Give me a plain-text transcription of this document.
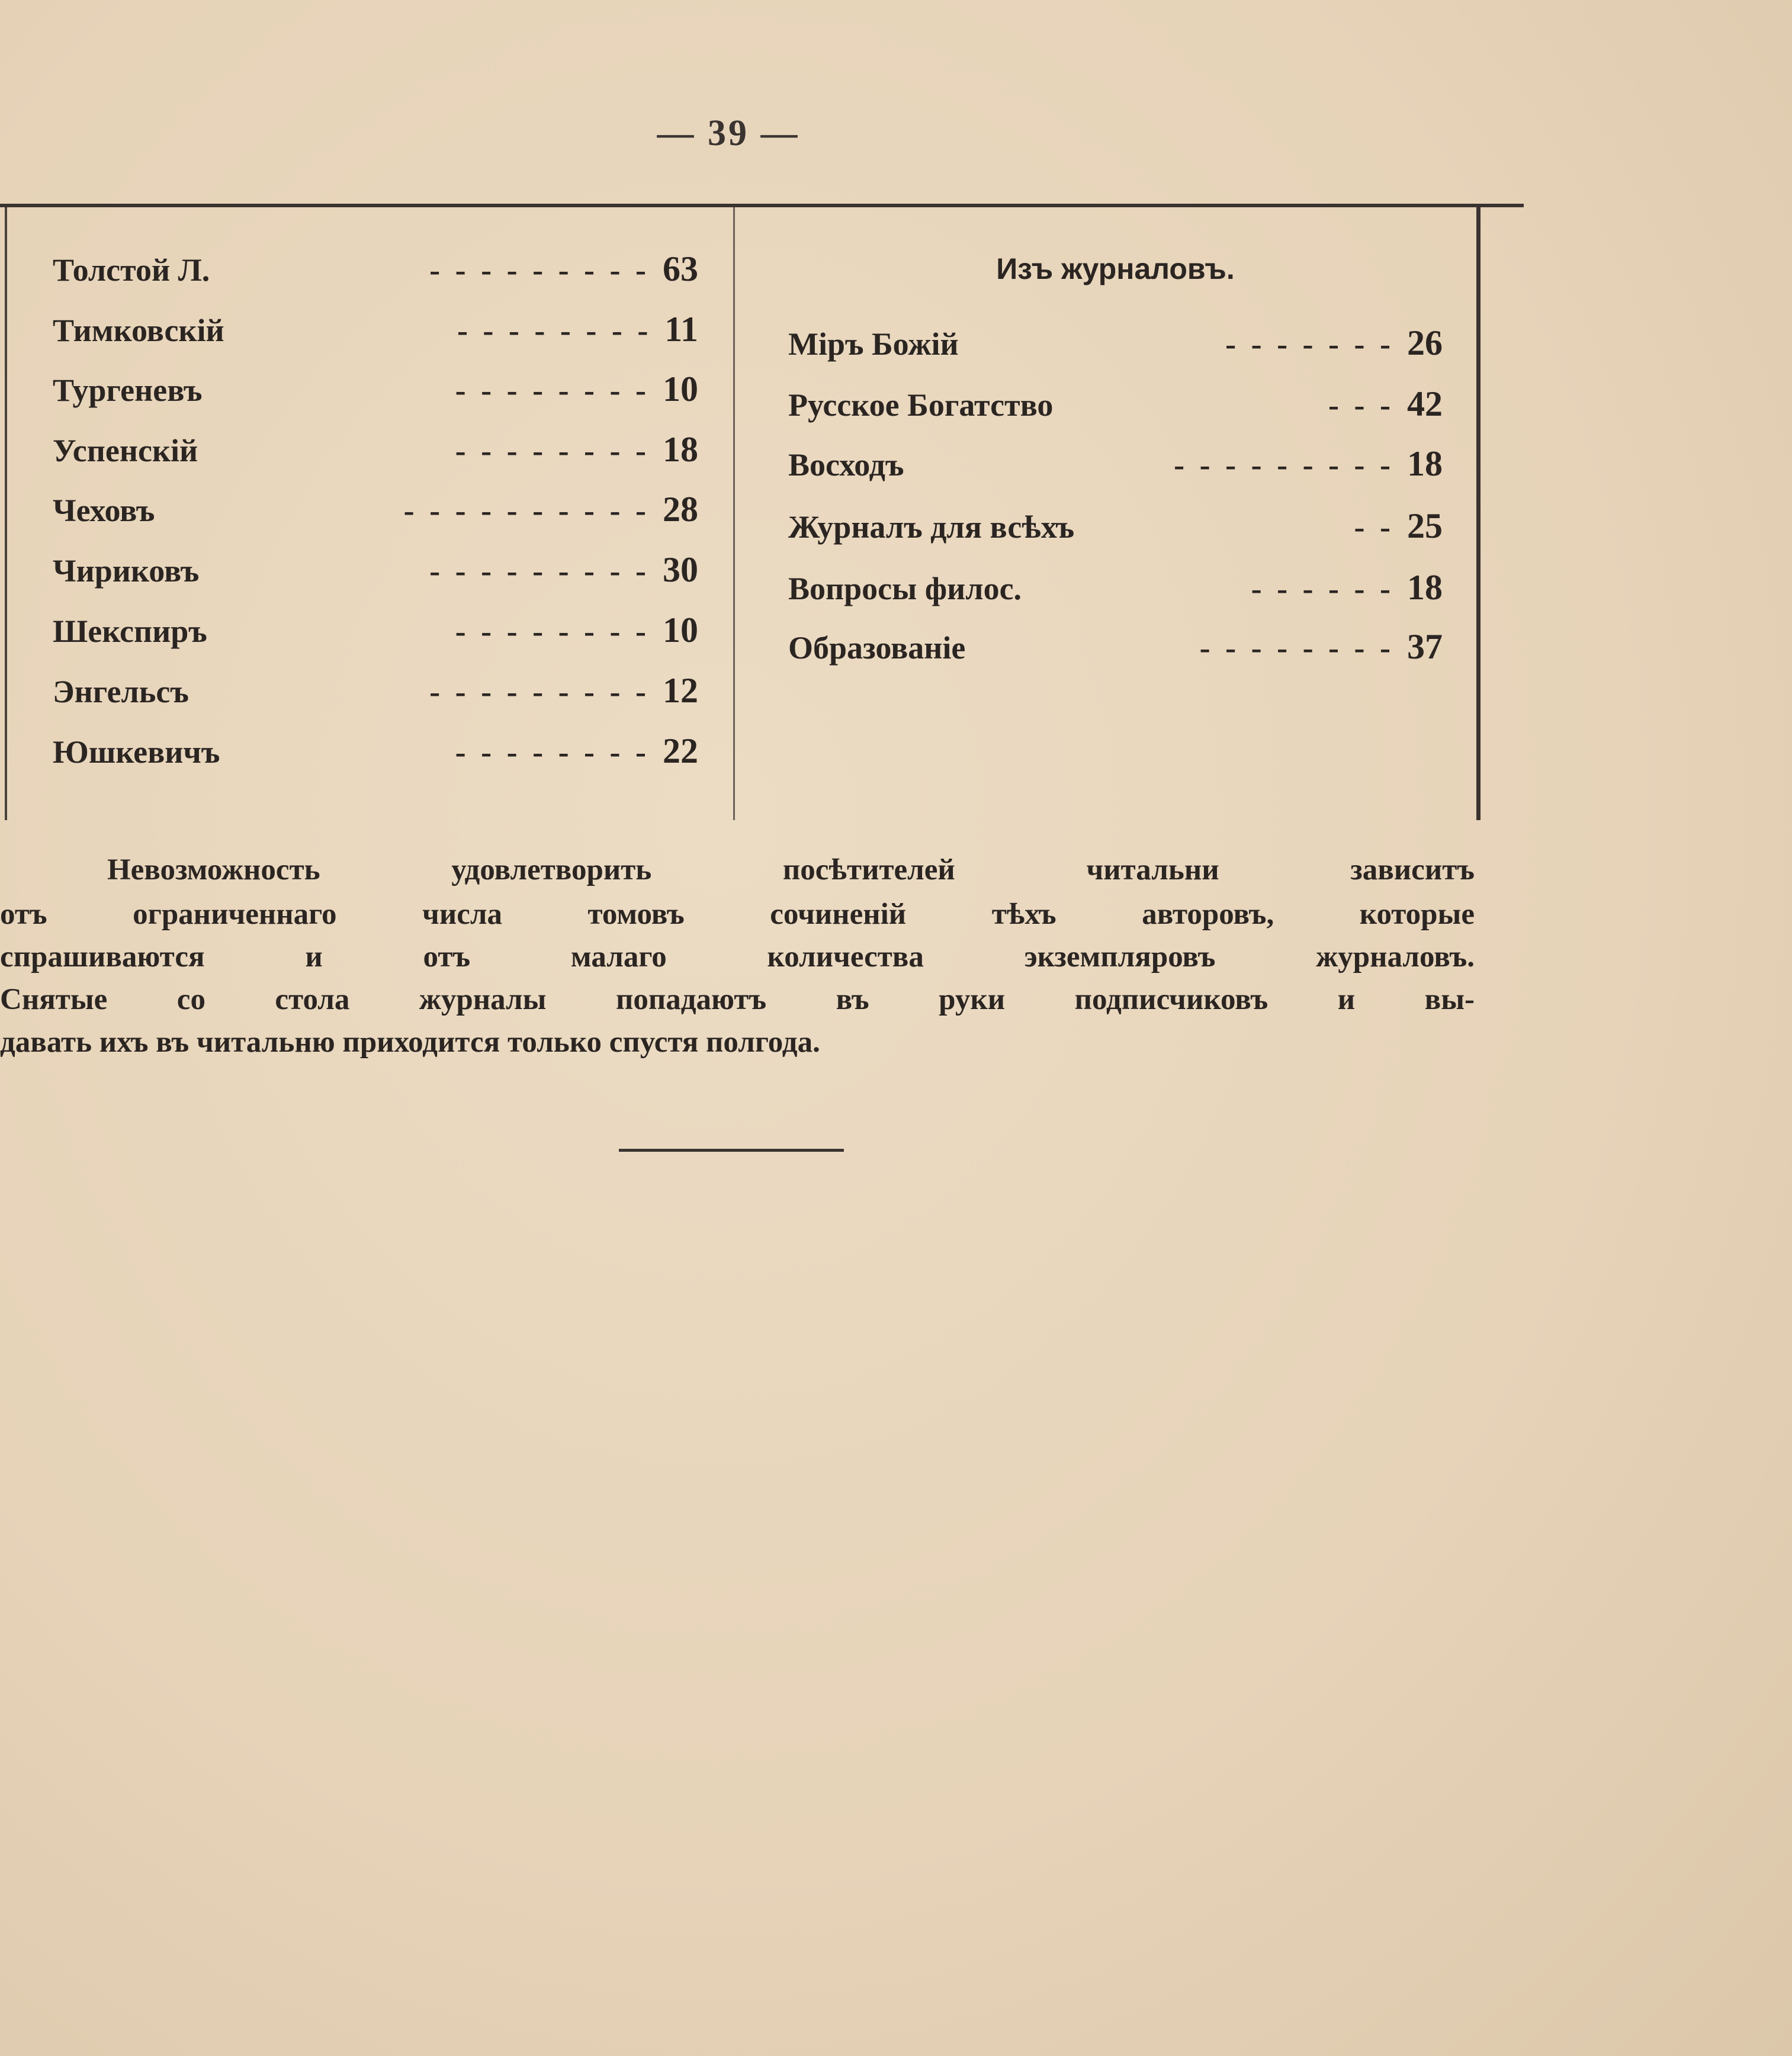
— 39 —
Толстой Л.	- - - - - - - - - 63
Тимковскій	- - - - - - - - 11
Тургеневъ	- - - - - - - - 10
Успенскій	- - - - - - - - 18
Чеховъ	- - - - - - - - - - 28
Чириковъ	- - - - - - - - - 30
Шекспиръ	- - - - - - - - 10
Энгельсъ	- - - - - - - - - 12
Юшкевичъ	- - - - - - - - 22
Изъ журналовъ.
Міръ Божій	- - - - - - - 26
Русское Богатство	- - - 42
Восходъ	- - - - - - - - - 18
Журналъ для всѣхъ	- - 25
Вопросы филос.	- - - - - - 18
Образованіе	- - - - - - - - 37
Невозможность удовлетворить посѣтителей читальни зависитъ
отъ ограниченнаго числа томовъ сочиненій тѣхъ авторовъ, которые
спрашиваются и отъ малаго количества экземпляровъ журналовъ.
Снятые со стола журналы попадаютъ въ руки подписчиковъ и вы-
давать ихъ въ читальню приходится только спустя полгода.
